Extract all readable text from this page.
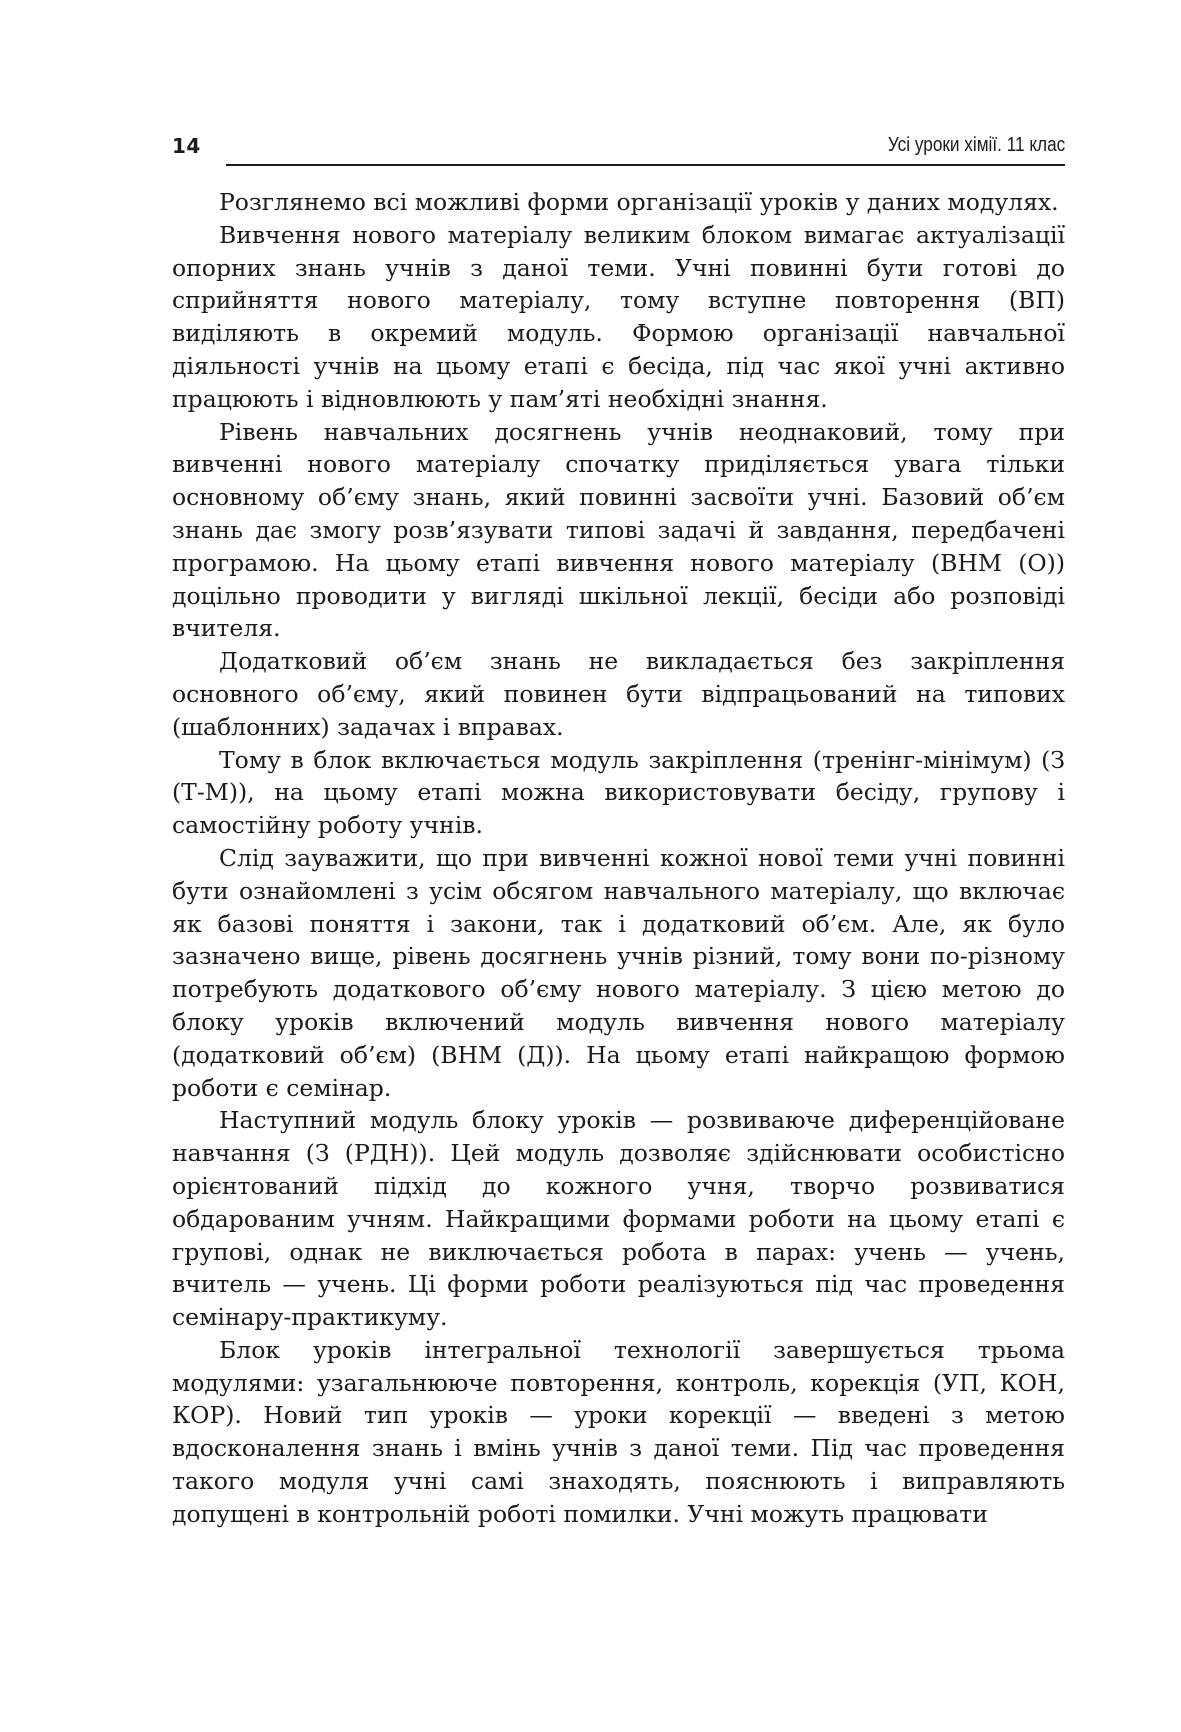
14	Усі уроки хімії. 11 клас

Розглянемо всі можливі форми організації уроків у даних модулях.

Вивчення нового матеріалу великим блоком вимагає актуалізації опорних знань учнів з даної теми. Учні повинні бути готові до сприйняття нового матеріалу, тому вступне повторення (ВП) виділяють в окремий модуль. Формою організації навчальної діяльності учнів на цьому етапі є бесіда, під час якої учні активно працюють і відновлюють у пам’яті необхідні знання.

Рівень навчальних досягнень учнів неоднаковий, тому при вивченні нового матеріалу спочатку приділяється увага тільки основному об’єму знань, який повинні засвоїти учні. Базовий об’єм знань дає змогу розв’язувати типові задачі й завдання, передбачені програмою. На цьому етапі вивчення нового матеріалу (ВНМ (О)) доцільно проводити у вигляді шкільної лекції, бесіди або розповіді вчителя.

Додатковий об’єм знань не викладається без закріплення основного об’єму, який повинен бути відпрацьований на типових (шаблонних) задачах і вправах.

Тому в блок включається модуль закріплення (тренінг-мінімум) (З (Т-М)), на цьому етапі можна використовувати бесіду, групову і самостійну роботу учнів.

Слід зауважити, що при вивченні кожної нової теми учні повинні бути ознайомлені з усім обсягом навчального матеріалу, що включає як базові поняття і закони, так і додатковий об’єм. Але, як було зазначено вище, рівень досягнень учнів різний, тому вони по-різному потребують додаткового об’єму нового матеріалу. З цією метою до блоку уроків включений модуль вивчення нового матеріалу (додатковий об’єм) (ВНМ (Д)). На цьому етапі найкращою формою роботи є семінар.

Наступний модуль блоку уроків — розвиваюче диференційоване навчання (З (РДН)). Цей модуль дозволяє здійснювати особистісно орієнтований підхід до кожного учня, творчо розвиватися обдарованим учням. Найкращими формами роботи на цьому етапі є групові, однак не виключається робота в парах: учень — учень, вчитель — учень. Ці форми роботи реалізуються під час проведення семінару-практикуму.

Блок уроків інтегральної технології завершується трьома модулями: узагальнююче повторення, контроль, корекція (УП, КОН, КОР). Новий тип уроків — уроки корекції — введені з метою вдосконалення знань і вмінь учнів з даної теми. Під час проведення такого модуля учні самі знаходять, пояснюють і виправляють допущені в контрольній роботі помилки. Учні можуть працювати
